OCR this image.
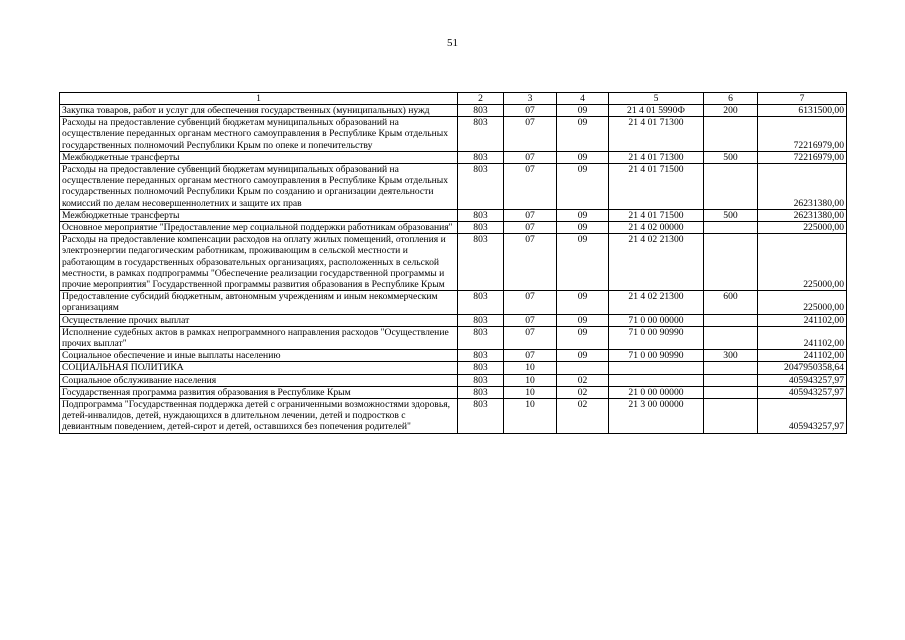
51
1	2	3	4	5	6	7
Закупка товаров, работ и услуг для обеспечения государственных (муниципальных) нужд	803	07	09	21 4 01 5990Ф	200	6131500,00
Расходы на предоставление субвенций бюджетам муниципальных образований на осуществление переданных органам местного самоуправления в Республике Крым отдельных государственных полномочий Республики Крым по опеке и попечительству	803	07	09	21 4 01 71300		72216979,00
Межбюджетные трансферты	803	07	09	21 4 01 71300	500	72216979,00
Расходы на предоставление субвенций бюджетам муниципальных образований на осуществление переданных органам местного самоуправления в Республике Крым отдельных государственных полномочий Республики Крым по созданию и организации деятельности комиссий по делам несовершеннолетних и защите их прав	803	07	09	21 4 01 71500		26231380,00
Межбюджетные трансферты	803	07	09	21 4 01 71500	500	26231380,00
Основное мероприятие "Предоставление мер социальной поддержки работникам образования"	803	07	09	21 4 02 00000		225000,00
Расходы на предоставление компенсации расходов на оплату жилых помещений, отопления и электроэнергии педагогическим работникам, проживающим в сельской местности и работающим в государственных образовательных организациях, расположенных в сельской местности, в рамках подпрограммы "Обеспечение реализации государственной программы и прочие мероприятия" Государственной программы развития образования в Республике Крым	803	07	09	21 4 02 21300		225000,00
Предоставление субсидий бюджетным, автономным учреждениям и иным некоммерческим организациям	803	07	09	21 4 02 21300	600	225000,00
Осуществление прочих выплат	803	07	09	71 0 00 00000		241102,00
Исполнение судебных актов в рамках непрограммного направления расходов "Осуществление прочих выплат"	803	07	09	71 0 00 90990		241102,00
Социальное обеспечение и иные выплаты населению	803	07	09	71 0 00 90990	300	241102,00
СОЦИАЛЬНАЯ ПОЛИТИКА	803	10				2047950358,64
Социальное обслуживание населения	803	10	02			405943257,97
Государственная программа развития образования в Республике Крым	803	10	02	21 0 00 00000		405943257,97
Подпрограмма "Государственная поддержка детей с ограниченными возможностями здоровья, детей-инвалидов, детей, нуждающихся в длительном лечении, детей и подростков с девиантным поведением, детей-сирот и детей, оставшихся без попечения родителей"	803	10	02	21 3 00 00000		405943257,97
